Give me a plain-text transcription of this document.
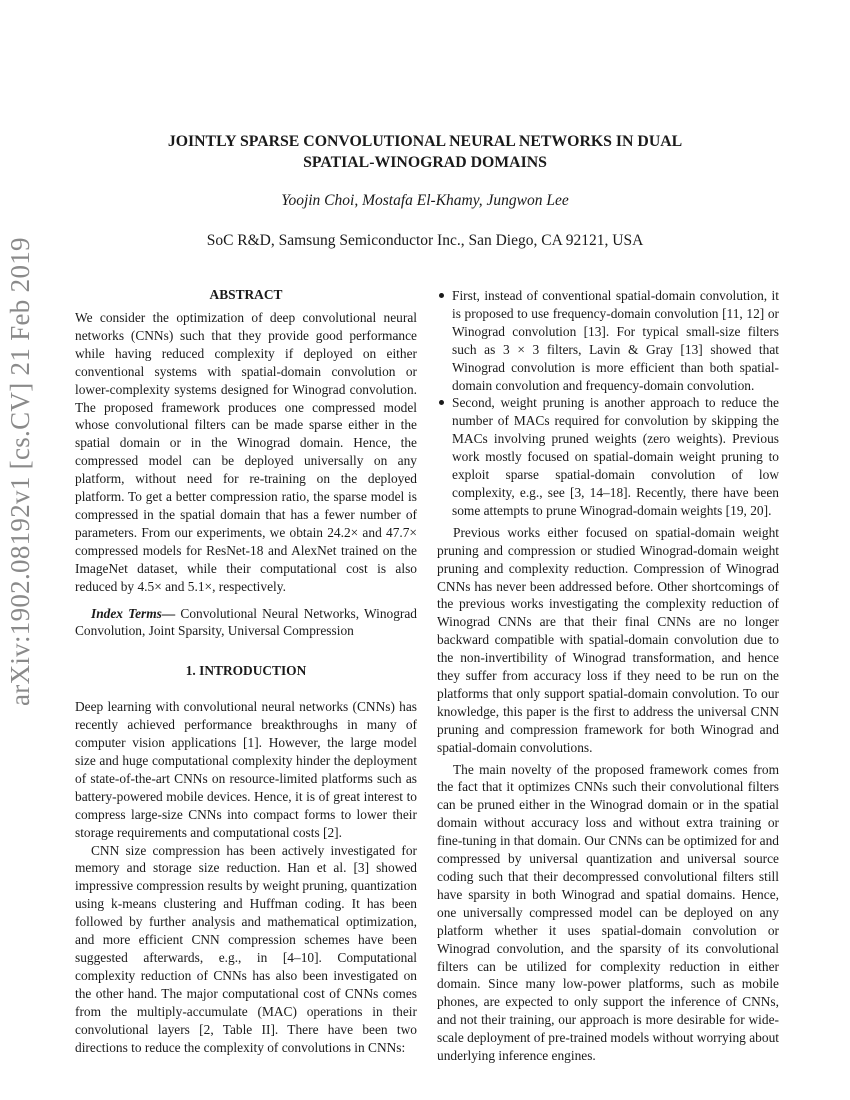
arXiv:1902.08192v1 [cs.CV] 21 Feb 2019
JOINTLY SPARSE CONVOLUTIONAL NEURAL NETWORKS IN DUAL
SPATIAL-WINOGRAD DOMAINS
Yoojin Choi, Mostafa El-Khamy, Jungwon Lee
SoC R&D, Samsung Semiconductor Inc., San Diego, CA 92121, USA
ABSTRACT

We consider the optimization of deep convolutional neural networks (CNNs) such that they provide good performance while having reduced complexity if deployed on either conventional systems with spatial-domain convolution or lower-complexity systems designed for Winograd convolution. The proposed framework produces one compressed model whose convolutional filters can be made sparse either in the spatial domain or in the Winograd domain. Hence, the compressed model can be deployed universally on any platform, without need for re-training on the deployed platform. To get a better compression ratio, the sparse model is compressed in the spatial domain that has a fewer number of parameters. From our experiments, we obtain 24.2× and 47.7× compressed models for ResNet-18 and AlexNet trained on the ImageNet dataset, while their computational cost is also reduced by 4.5× and 5.1×, respectively.

Index Terms— Convolutional Neural Networks, Winograd Convolution, Joint Sparsity, Universal Compression

1. INTRODUCTION

Deep learning with convolutional neural networks (CNNs) has recently achieved performance breakthroughs in many of computer vision applications [1]. However, the large model size and huge computational complexity hinder the deployment of state-of-the-art CNNs on resource-limited platforms such as battery-powered mobile devices. Hence, it is of great interest to compress large-size CNNs into compact forms to lower their storage requirements and computational costs [2].

CNN size compression has been actively investigated for memory and storage size reduction. Han et al. [3] showed impressive compression results by weight pruning, quantization using k-means clustering and Huffman coding. It has been followed by further analysis and mathematical optimization, and more efficient CNN compression schemes have been suggested afterwards, e.g., in [4–10]. Computational complexity reduction of CNNs has also been investigated on the other hand. The major computational cost of CNNs comes from the multiply-accumulate (MAC) operations in their convolutional layers [2, Table II]. There have been two directions to reduce the complexity of convolutions in CNNs:

First, instead of conventional spatial-domain convolution, it is proposed to use frequency-domain convolution [11, 12] or Winograd convolution [13]. For typical small-size filters such as 3 × 3 filters, Lavin & Gray [13] showed that Winograd convolution is more efficient than both spatial-domain convolution and frequency-domain convolution.
Second, weight pruning is another approach to reduce the number of MACs required for convolution by skipping the MACs involving pruned weights (zero weights). Previous work mostly focused on spatial-domain weight pruning to exploit sparse spatial-domain convolution of low complexity, e.g., see [3, 14–18]. Recently, there have been some attempts to prune Winograd-domain weights [19, 20].

Previous works either focused on spatial-domain weight pruning and compression or studied Winograd-domain weight pruning and complexity reduction. Compression of Winograd CNNs has never been addressed before. Other shortcomings of the previous works investigating the complexity reduction of Winograd CNNs are that their final CNNs are no longer backward compatible with spatial-domain convolution due to the non-invertibility of Winograd transformation, and hence they suffer from accuracy loss if they need to be run on the platforms that only support spatial-domain convolution. To our knowledge, this paper is the first to address the universal CNN pruning and compression framework for both Winograd and spatial-domain convolutions.

The main novelty of the proposed framework comes from the fact that it optimizes CNNs such their convolutional filters can be pruned either in the Winograd domain or in the spatial domain without accuracy loss and without extra training or fine-tuning in that domain. Our CNNs can be optimized for and compressed by universal quantization and universal source coding such that their decompressed convolutional filters still have sparsity in both Winograd and spatial domains. Hence, one universally compressed model can be deployed on any platform whether it uses spatial-domain convolution or Winograd convolution, and the sparsity of its convolutional filters can be utilized for complexity reduction in either domain. Since many low-power platforms, such as mobile phones, are expected to only support the inference of CNNs, and not their training, our approach is more desirable for wide-scale deployment of pre-trained models without worrying about underlying inference engines.
